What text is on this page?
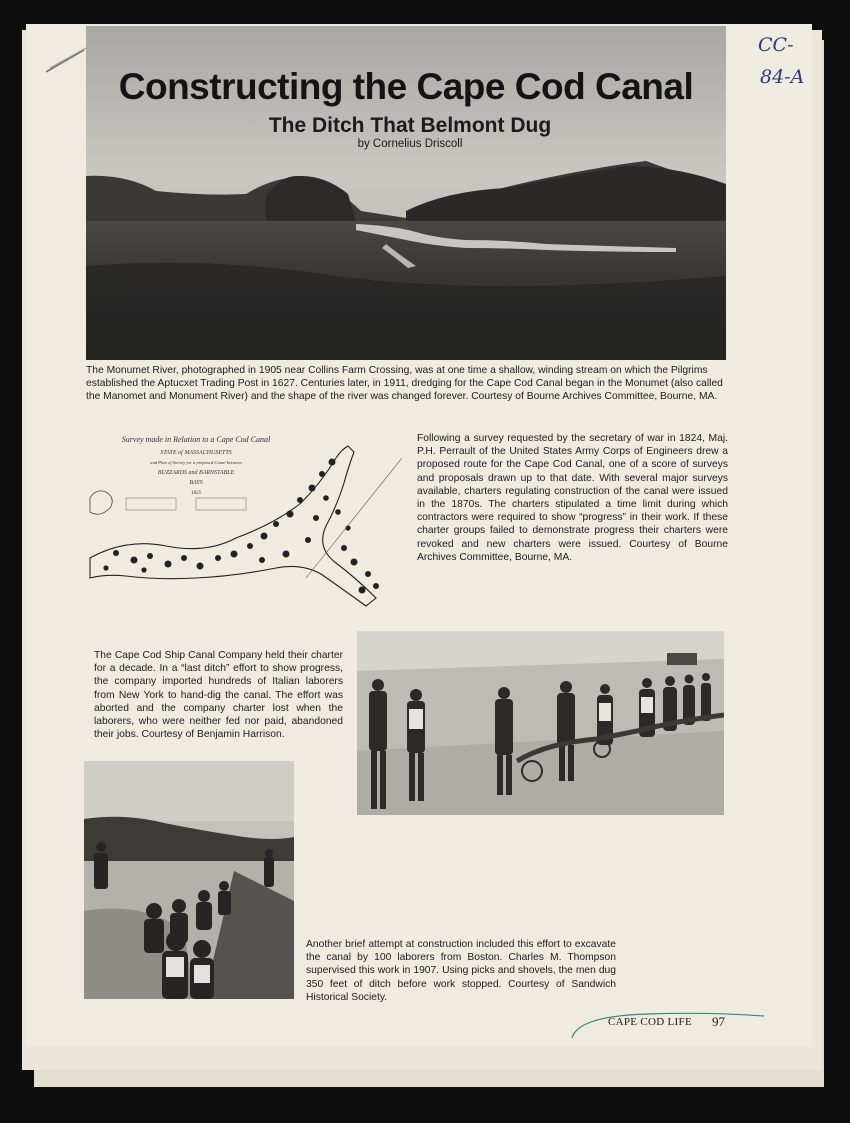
CC-
84-A
Constructing the Cape Cod Canal
The Ditch That Belmont Dug
by Cornelius Driscoll

The Monumet River, photographed in 1905 near Collins Farm Crossing, was at one time a shallow, winding stream on which the Pilgrims established the Aptucxet Trading Post in 1627. Centuries later, in 1911, dredging for the Cape Cod Canal began in the Monumet (also called the Manomet and Monument River) and the shape of the river was changed forever. Courtesy of Bourne Archives Committee, Bourne, MA.

Survey made in Relation to a Cape Cod Canal
STATE of MASSACHUSETTS
and Plan of Survey for a proposed Canal between
BUZZARDS and BARNSTABLE
BAYS
1825

Following a survey requested by the secretary of war in 1824, Maj. P.H. Perrault of the United States Army Corps of Engineers drew a proposed route for the Cape Cod Canal, one of a score of surveys and proposals drawn up to that date. With several major surveys available, charters regulating construction of the canal were issued in the 1870s. The charters stipulated a time limit during which contractors were required to show “progress” in their work. If these charter groups failed to demonstrate progress their charters were revoked and new charters were issued. Courtesy of Bourne Archives Committee, Bourne, MA.

The Cape Cod Ship Canal Company held their charter for a decade. In a “last ditch” effort to show progress, the company imported hundreds of Italian laborers from New York to hand-dig the canal. The effort was aborted and the company charter lost when the laborers, who were neither fed nor paid, abandoned their jobs. Courtesy of Benjamin Harrison.

Another brief attempt at construction included this effort to excavate the canal by 100 laborers from Boston. Charles M. Thompson supervised this work in 1907. Using picks and shovels, the men dug 350 feet of ditch before work stopped. Courtesy of Sandwich Historical Society.

CAPE COD LIFE 97
